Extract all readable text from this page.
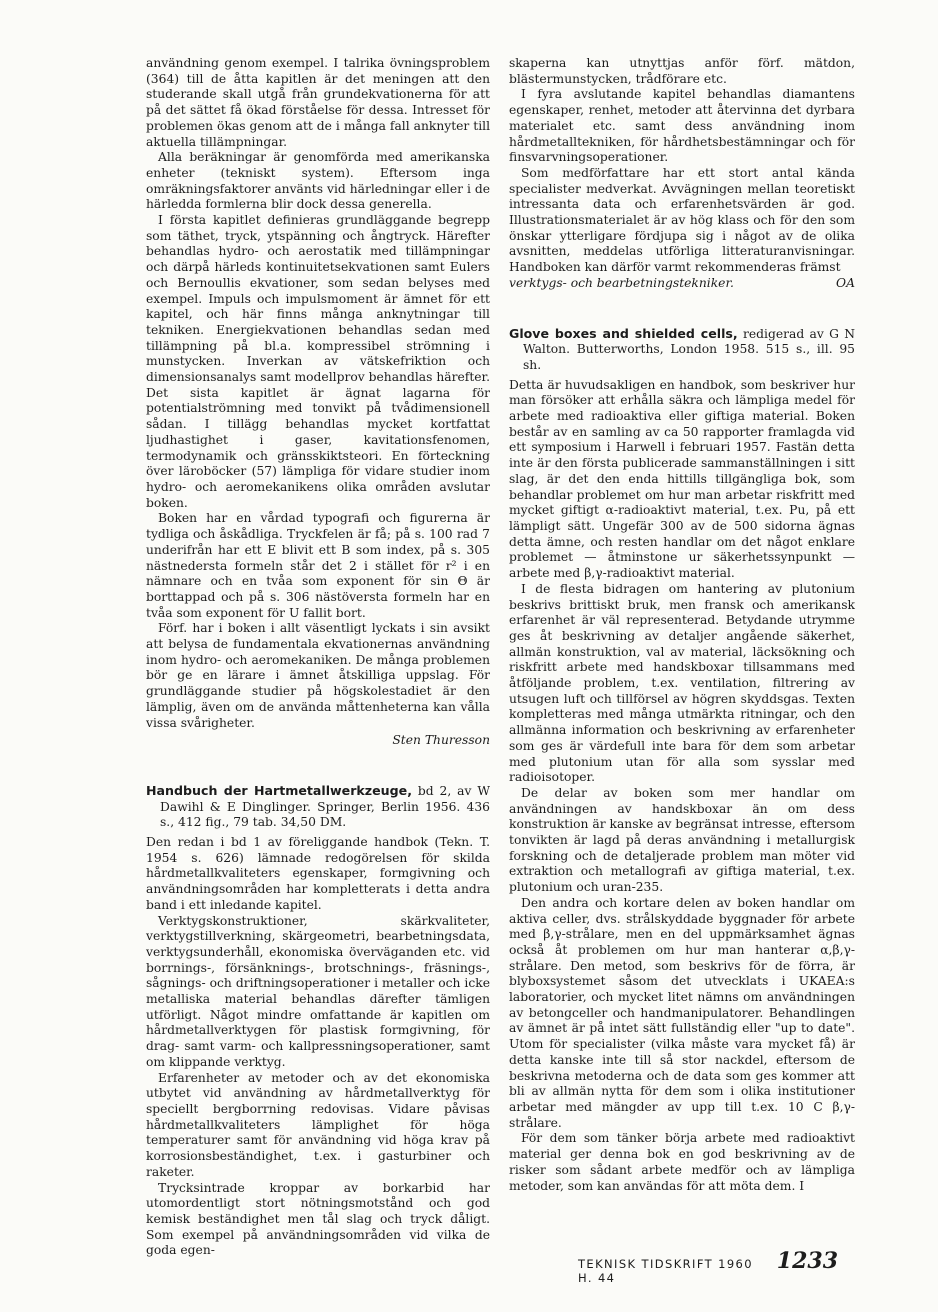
användning genom exempel. I talrika övningsproblem (364) till de åtta kapitlen är det meningen att den studerande skall utgå från grundekvationerna för att på det sättet få ökad förståelse för dessa. Intresset för problemen ökas genom att de i många fall anknyter till aktuella tillämpningar.

Alla beräkningar är genomförda med amerikanska enheter (tekniskt system). Eftersom inga omräkningsfaktorer använts vid härledningar eller i de härledda formlerna blir dock dessa generella.

I första kapitlet definieras grundläggande begrepp som täthet, tryck, ytspänning och ångtryck. Härefter behandlas hydro- och aerostatik med tillämpningar och därpå härleds kontinuitetsekvationen samt Eulers och Bernoullis ekvationer, som sedan belyses med exempel. Impuls och impulsmoment är ämnet för ett kapitel, och här finns många anknytningar till tekniken. Energiekvationen behandlas sedan med tillämpning på bl.a. kompressibel strömning i munstycken. Inverkan av vätskefriktion och dimensionsanalys samt modellprov behandlas härefter. Det sista kapitlet är ägnat lagarna för potentialströmning med tonvikt på tvådimensionell sådan. I tillägg behandlas mycket kortfattat ljudhastighet i gaser, kavitationsfenomen, termodynamik och gränsskiktsteori. En förteckning över läroböcker (57) lämpliga för vidare studier inom hydro- och aeromekanikens olika områden avslutar boken.

Boken har en vårdad typografi och figurerna är tydliga och åskådliga. Tryckfelen är få; på s. 100 rad 7 underifrån har ett E blivit ett B som index, på s. 305 nästnedersta formeln står det 2 i stället för r² i en nämnare och en tvåa som exponent för sin Θ är borttappad och på s. 306 nästöversta formeln har en tvåa som exponent för U fallit bort.

Förf. har i boken i allt väsentligt lyckats i sin avsikt att belysa de fundamentala ekvationernas användning inom hydro- och aeromekaniken. De många problemen bör ge en lärare i ämnet åtskilliga uppslag. För grundläggande studier på högskolestadiet är den lämplig, även om de använda måttenheterna kan vålla vissa svårigheter.

Sten Thuresson

Handbuch der Hartmetallwerkzeuge, bd 2, av W Dawihl & E Dinglinger. Springer, Berlin 1956. 436 s., 412 fig., 79 tab. 34,50 DM.

Den redan i bd 1 av föreliggande handbok (Tekn. T. 1954 s. 626) lämnade redogörelsen för skilda hårdmetallkvaliteters egenskaper, formgivning och användningsområden har kompletterats i detta andra band i ett inledande kapitel.

Verktygskonstruktioner, skärkvaliteter, verktygstillverkning, skärgeometri, bearbetningsdata, verktygsunderhåll, ekonomiska överväganden etc. vid borrnings-, försänknings-, brotschnings-, fräsnings-, sågnings- och driftningsoperationer i metaller och icke metalliska material behandlas därefter tämligen utförligt. Något mindre omfattande är kapitlen om hårdmetallverktygen för plastisk formgivning, för drag- samt varm- och kallpressningsoperationer, samt om klippande verktyg.

Erfarenheter av metoder och av det ekonomiska utbytet vid användning av hårdmetallverktyg för speciellt bergborrning redovisas. Vidare påvisas hårdmetallkvaliteters lämplighet för höga temperaturer samt för användning vid höga krav på korrosionsbeständighet, t.ex. i gasturbiner och raketer.

Trycksintrade kroppar av borkarbid har utomordentligt stort nötningsmotstånd och god kemisk beständighet men tål slag och tryck dåligt. Som exempel på användningsområden vid vilka de goda egen-

skaperna kan utnyttjas anför förf. mätdon, blästermunstycken, trådförare etc.

I fyra avslutande kapitel behandlas diamantens egenskaper, renhet, metoder att återvinna det dyrbara materialet etc. samt dess användning inom hårdmetalltekniken, för hårdhetsbestämningar och för finsvarvningsoperationer.

Som medförfattare har ett stort antal kända specialister medverkat. Avvägningen mellan teoretiskt intressanta data och erfarenhetsvärden är god. Illustrationsmaterialet är av hög klass och för den som önskar ytterligare fördjupa sig i något av de olika avsnitten, meddelas utförliga litteraturanvisningar. Handboken kan därför varmt rekommenderas främst

verktygs- och bearbetningstekniker.	OA

Glove boxes and shielded cells, redigerad av G N Walton. Butterworths, London 1958. 515 s., ill. 95 sh.

Detta är huvudsakligen en handbok, som beskriver hur man försöker att erhålla säkra och lämpliga medel för arbete med radioaktiva eller giftiga material. Boken består av en samling av ca 50 rapporter framlagda vid ett symposium i Harwell i februari 1957. Fastän detta inte är den första publicerade sammanställningen i sitt slag, är det den enda hittills tillgängliga bok, som behandlar problemet om hur man arbetar riskfritt med mycket giftigt α-radioaktivt material, t.ex. Pu, på ett lämpligt sätt. Ungefär 300 av de 500 sidorna ägnas detta ämne, och resten handlar om det något enklare problemet — åtminstone ur säkerhetssynpunkt — arbete med β,γ-radioaktivt material.

I de flesta bidragen om hantering av plutonium beskrivs brittiskt bruk, men fransk och amerikansk erfarenhet är väl representerad. Betydande utrymme ges åt beskrivning av detaljer angående säkerhet, allmän konstruktion, val av material, läcksökning och riskfritt arbete med handskboxar tillsammans med åtföljande problem, t.ex. ventilation, filtrering av utsugen luft och tillförsel av högren skyddsgas. Texten kompletteras med många utmärkta ritningar, och den allmänna information och beskrivning av erfarenheter som ges är värdefull inte bara för dem som arbetar med plutonium utan för alla som sysslar med radioisotoper.

De delar av boken som mer handlar om användningen av handskboxar än om dess konstruktion är kanske av begränsat intresse, eftersom tonvikten är lagd på deras användning i metallurgisk forskning och de detaljerade problem man möter vid extraktion och metallografi av giftiga material, t.ex. plutonium och uran-235.

Den andra och kortare delen av boken handlar om aktiva celler, dvs. strålskyddade byggnader för arbete med β,γ-strålare, men en del uppmärksamhet ägnas också åt problemen om hur man hanterar α,β,γ-strålare. Den metod, som beskrivs för de förra, är blyboxsystemet såsom det utvecklats i UKAEA:s laboratorier, och mycket litet nämns om användningen av betongceller och handmanipulatorer. Behandlingen av ämnet är på intet sätt fullständig eller "up to date". Utom för specialister (vilka måste vara mycket få) är detta kanske inte till så stor nackdel, eftersom de beskrivna metoderna och de data som ges kommer att bli av allmän nytta för dem som i olika institutioner arbetar med mängder av upp till t.ex. 10 C β,γ-strålare.

För dem som tänker börja arbete med radioaktivt material ger denna bok en god beskrivning av de risker som sådant arbete medför och av lämpliga metoder, som kan användas för att möta dem. I

TEKNISK TIDSKRIFT 1960 H. 44
1233
